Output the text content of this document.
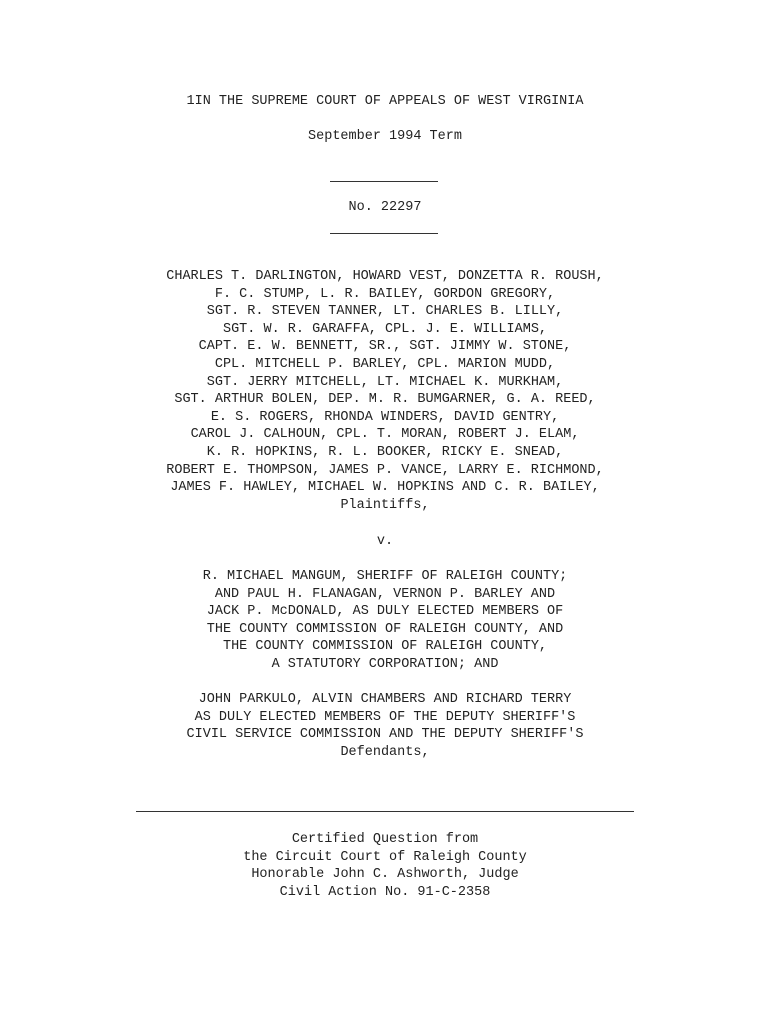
1IN THE SUPREME COURT OF APPEALS OF WEST VIRGINIA
September 1994 Term
No. 22297
CHARLES T. DARLINGTON, HOWARD VEST, DONZETTA R. ROUSH,
F. C. STUMP, L. R. BAILEY, GORDON GREGORY,
SGT. R. STEVEN TANNER, LT. CHARLES B. LILLY,
SGT. W. R. GARAFFA, CPL. J. E. WILLIAMS,
CAPT. E. W. BENNETT, SR., SGT. JIMMY W. STONE,
CPL. MITCHELL P. BARLEY, CPL. MARION MUDD,
SGT. JERRY MITCHELL, LT. MICHAEL K. MURKHAM,
SGT. ARTHUR BOLEN, DEP. M. R. BUMGARNER, G. A. REED,
E. S. ROGERS, RHONDA WINDERS, DAVID GENTRY,
CAROL J. CALHOUN, CPL. T. MORAN, ROBERT J. ELAM,
K. R. HOPKINS, R. L. BOOKER, RICKY E. SNEAD,
ROBERT E. THOMPSON, JAMES P. VANCE, LARRY E. RICHMOND,
JAMES F. HAWLEY, MICHAEL W. HOPKINS AND C. R. BAILEY,
Plaintiffs,
v.
R. MICHAEL MANGUM, SHERIFF OF RALEIGH COUNTY;
AND PAUL H. FLANAGAN, VERNON P. BARLEY AND
JACK P. McDONALD, AS DULY ELECTED MEMBERS OF
THE COUNTY COMMISSION OF RALEIGH COUNTY, AND
THE COUNTY COMMISSION OF RALEIGH COUNTY,
A STATUTORY CORPORATION; AND
JOHN PARKULO, ALVIN CHAMBERS AND RICHARD TERRY
AS DULY ELECTED MEMBERS OF THE DEPUTY SHERIFF'S
CIVIL SERVICE COMMISSION AND THE DEPUTY SHERIFF'S
Defendants,
Certified Question from
the Circuit Court of Raleigh County
Honorable John C. Ashworth, Judge
Civil Action No. 91-C-2358
